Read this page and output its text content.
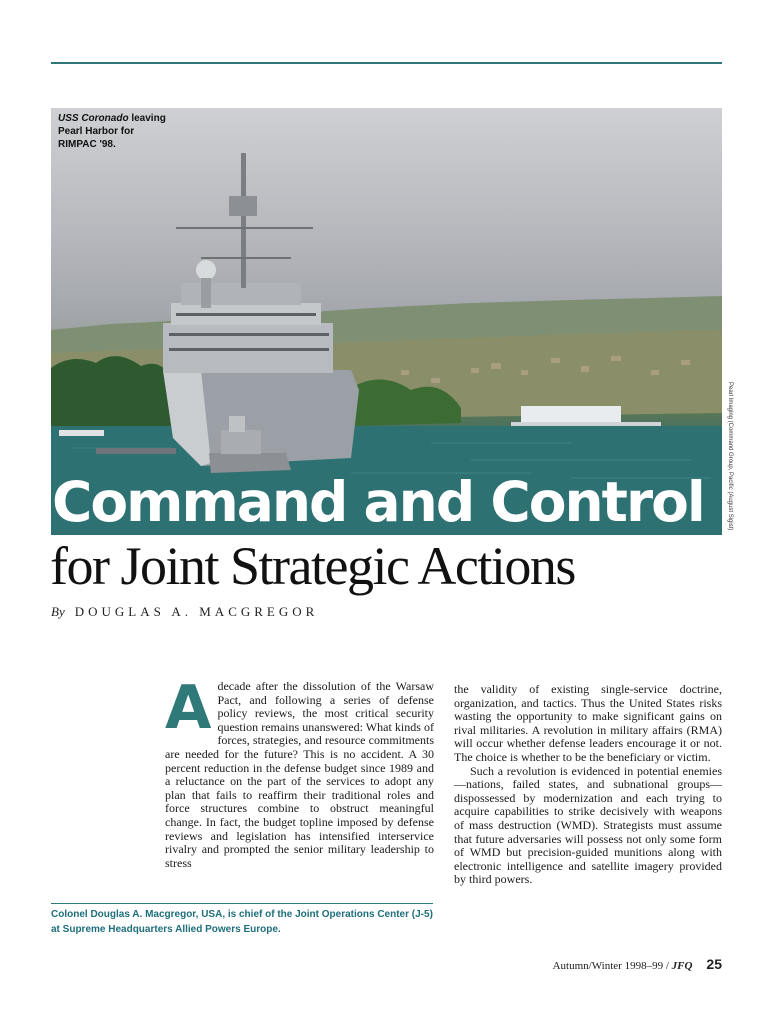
USS Coronado leaving Pearl Harbor for RIMPAC '98.
Pearl Imaging (Command Group, Pacific (August Sigist)
Command and Control
for Joint Strategic Actions
By DOUGLAS A. MACGREGOR

Adecade after the dissolution of the Warsaw Pact, and following a series of defense policy reviews, the most critical security question remains unanswered: What kinds of forces, strategies, and resource commitments are needed for the future? This is no accident. A 30 percent reduction in the defense budget since 1989 and a reluctance on the part of the services to adopt any plan that fails to reaffirm their traditional roles and force structures combine to obstruct meaningful change. In fact, the budget topline imposed by defense reviews and legislation has intensified interservice rivalry and prompted the senior military leadership to stress

the validity of existing single-service doctrine, organization, and tactics. Thus the United States risks wasting the opportunity to make significant gains on rival militaries. A revolution in military affairs (RMA) will occur whether defense leaders encourage it or not. The choice is whether to be the beneficiary or victim.

Such a revolution is evidenced in potential enemies—nations, failed states, and subnational groups—dispossessed by modernization and each trying to acquire capabilities to strike decisively with weapons of mass destruction (WMD). Strategists must assume that future adversaries will possess not only some form of WMD but precision-guided munitions along with electronic intelligence and satellite imagery provided by third powers.

Colonel Douglas A. Macgregor, USA, is chief of the Joint Operations Center (J-5) at Supreme Headquarters Allied Powers Europe.
Autumn/Winter 1998–99 / JFQ 25
